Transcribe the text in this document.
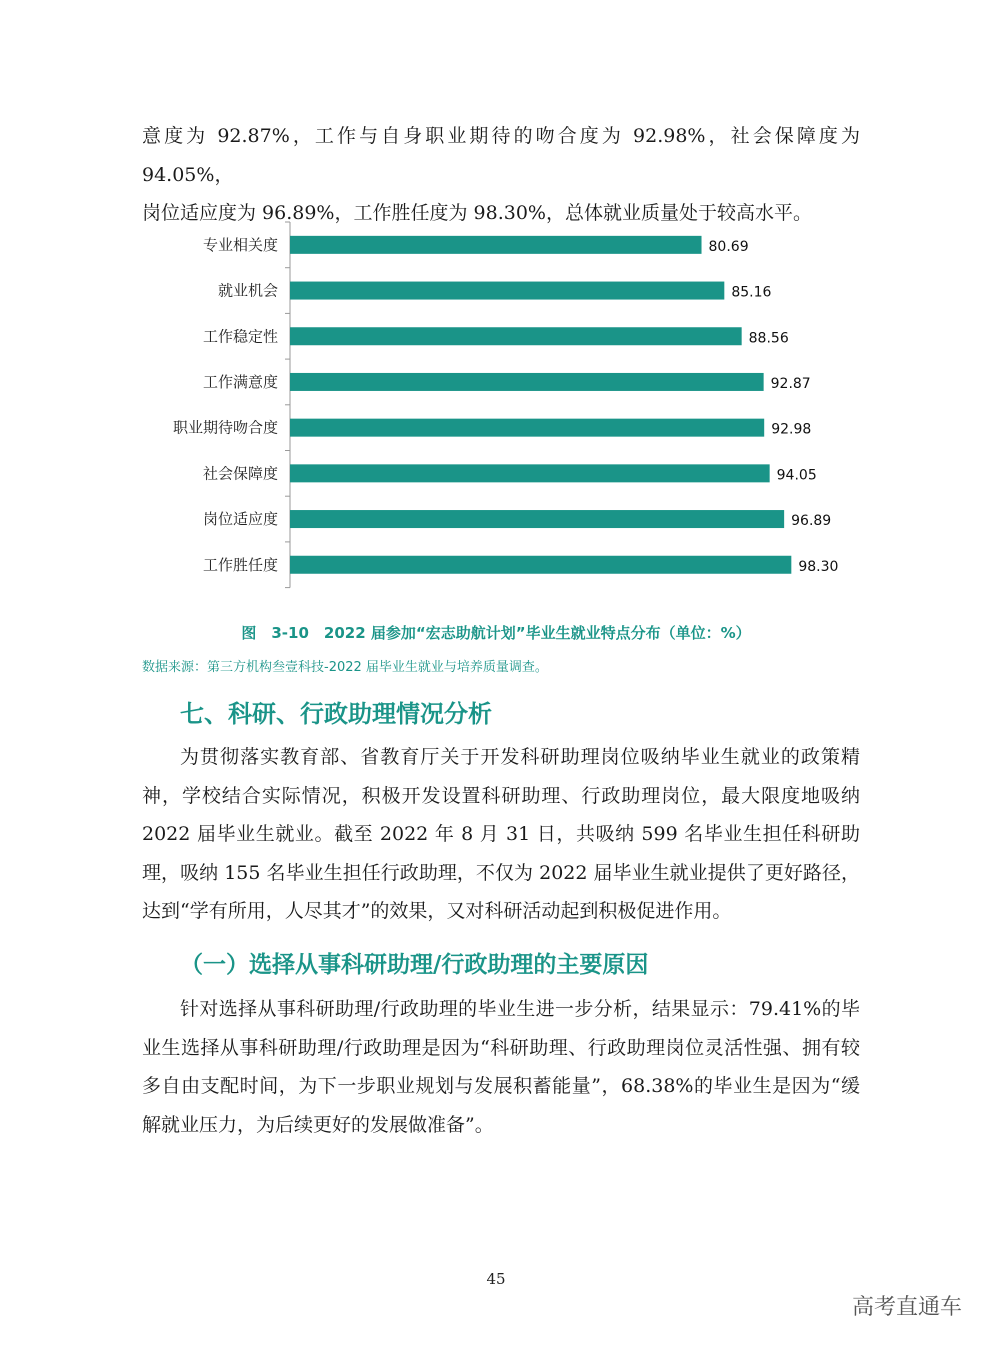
意度为 92.87%，工作与自身职业期待的吻合度为 92.98%，社会保障度为 94.05%，

岗位适应度为 96.89%，工作胜任度为 98.30%，总体就业质量处于较高水平。

专业相关度	80.69
就业机会	85.16
工作稳定性	88.56
工作满意度	92.87
职业期待吻合度	92.98
社会保障度	94.05
岗位适应度	96.89
工作胜任度	98.30
图　3-10　2022 届参加“宏志助航计划”毕业生就业特点分布（单位：%）
数据来源：第三方机构叁壹科技-2022 届毕业生就业与培养质量调查。
七、科研、行政助理情况分析
为贯彻落实教育部、省教育厅关于开发科研助理岗位吸纳毕业生就业的政策精神，学校结合实际情况，积极开发设置科研助理、行政助理岗位，最大限度地吸纳 2022 届毕业生就业。截至 2022 年 8 月 31 日，共吸纳 599 名毕业生担任科研助理，吸纳 155 名毕业生担任行政助理，不仅为 2022 届毕业生就业提供了更好路径，达到“学有所用，人尽其才”的效果，又对科研活动起到积极促进作用。
（一）选择从事科研助理/行政助理的主要原因
针对选择从事科研助理/行政助理的毕业生进一步分析，结果显示：79.41%的毕业生选择从事科研助理/行政助理是因为“科研助理、行政助理岗位灵活性强、拥有较多自由支配时间，为下一步职业规划与发展积蓄能量”，68.38%的毕业生是因为“缓解就业压力，为后续更好的发展做准备”。
45
高考直通车
